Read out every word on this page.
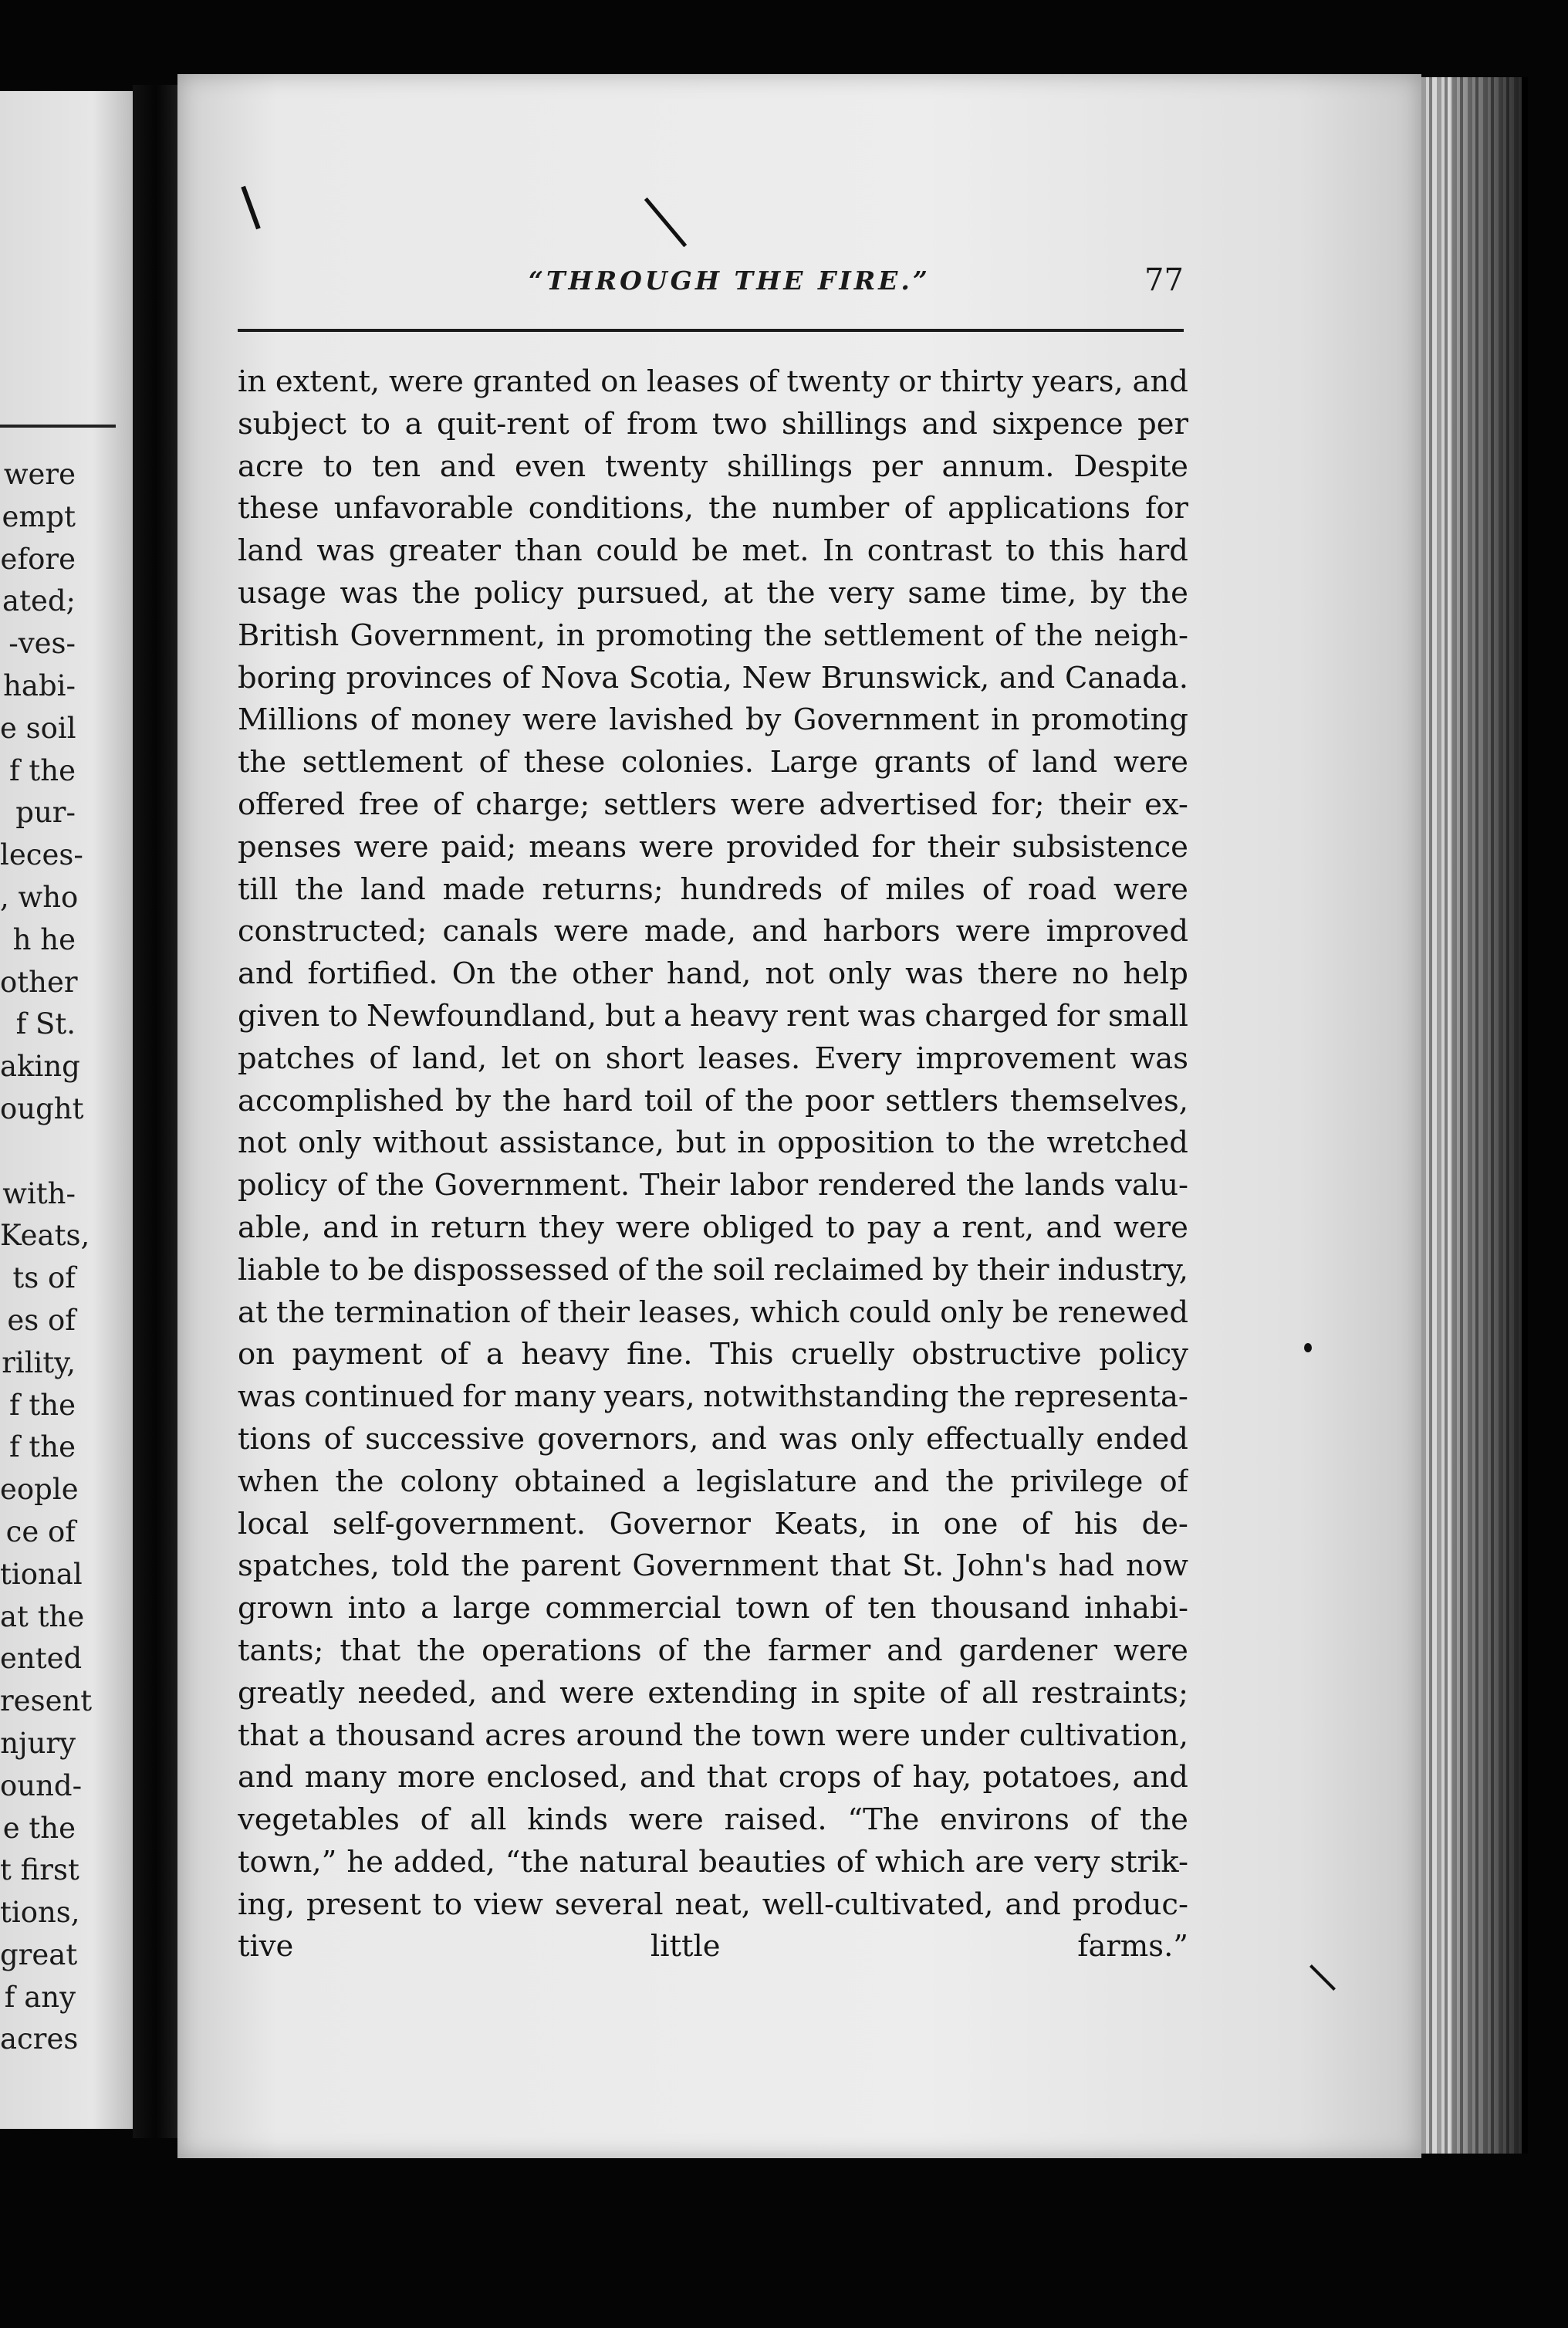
were
empt
efore
ated;
-ves-
habi-
e soil
f the
pur-
leces-
, who
h he
other
f St.
aking
ought
with-
Keats,
ts of
es of
rility,
f the
f the
eople
ce of
tional
at the
ented
resent
njury
ound-
e the
t first
tions,
great
f any
acres
“THROUGH THE FIRE.”	77
in extent, were granted on leases of twenty or thirty years, and
subject to a quit-rent of from two shillings and sixpence per
acre to ten and even twenty shillings per annum. Despite
these unfavorable conditions, the number of applications for
land was greater than could be met. In contrast to this hard
usage was the policy pursued, at the very same time, by the
British Government, in promoting the settlement of the neigh-
boring provinces of Nova Scotia, New Brunswick, and Canada.
Millions of money were lavished by Government in promoting
the settlement of these colonies. Large grants of land were
offered free of charge; settlers were advertised for; their ex-
penses were paid; means were provided for their subsistence
till the land made returns; hundreds of miles of road were
constructed; canals were made, and harbors were improved
and fortified. On the other hand, not only was there no help
given to Newfoundland, but a heavy rent was charged for small
patches of land, let on short leases. Every improvement was
accomplished by the hard toil of the poor settlers themselves,
not only without assistance, but in opposition to the wretched
policy of the Government. Their labor rendered the lands valu-
able, and in return they were obliged to pay a rent, and were
liable to be dispossessed of the soil reclaimed by their industry,
at the termination of their leases, which could only be renewed
on payment of a heavy fine. This cruelly obstructive policy
was continued for many years, notwithstanding the representa-
tions of successive governors, and was only effectually ended
when the colony obtained a legislature and the privilege of
local self-government. Governor Keats, in one of his de-
spatches, told the parent Government that St. John's had now
grown into a large commercial town of ten thousand inhabi-
tants; that the operations of the farmer and gardener were
greatly needed, and were extending in spite of all restraints;
that a thousand acres around the town were under cultivation,
and many more enclosed, and that crops of hay, potatoes, and
vegetables of all kinds were raised. “The environs of the
town,” he added, “the natural beauties of which are very strik-
ing, present to view several neat, well-cultivated, and produc-
tive little farms.”
